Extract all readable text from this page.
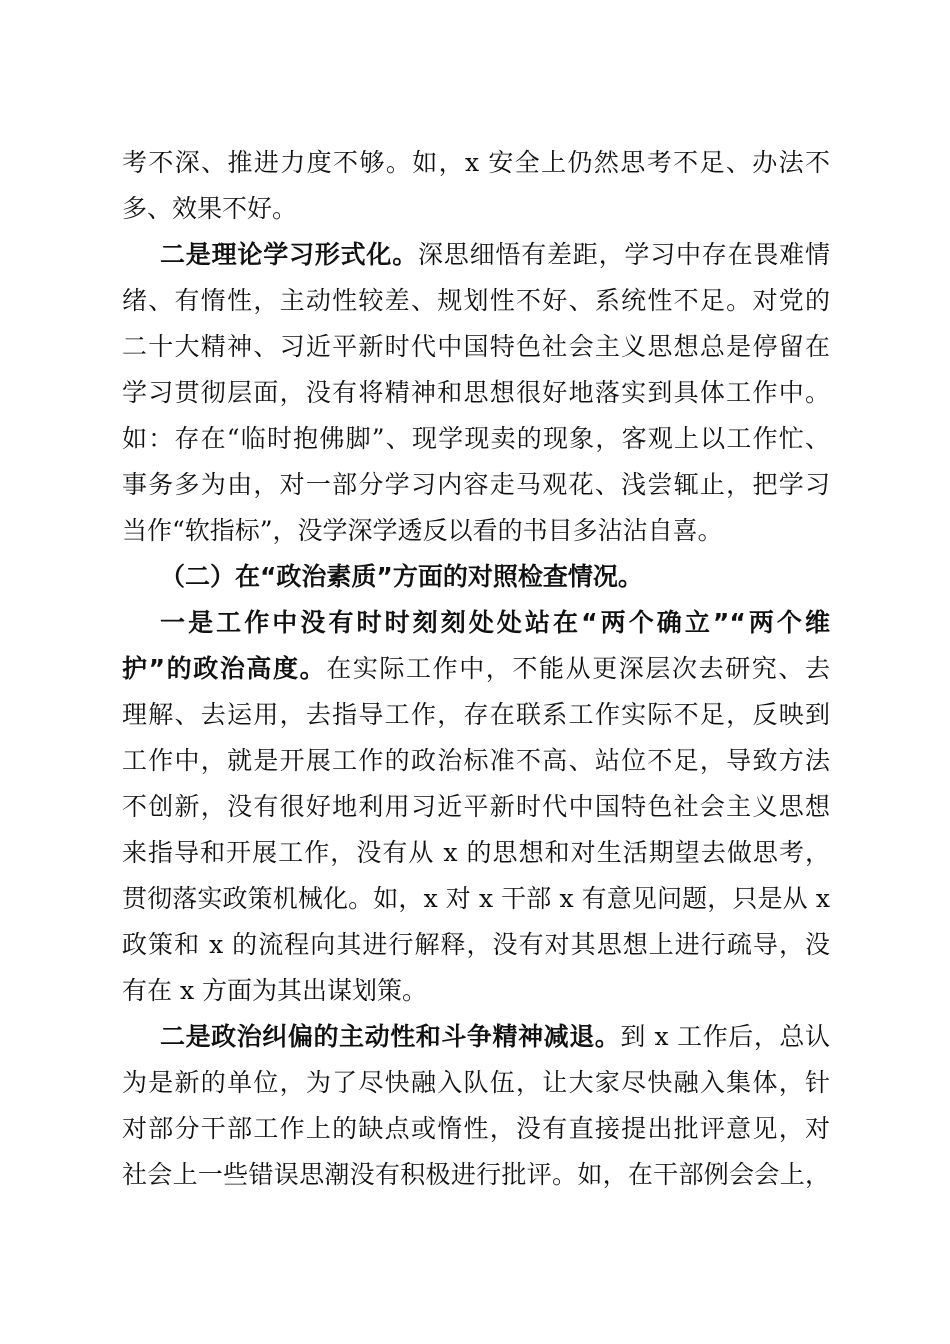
考不深、推进力度不够。如，x 安全上仍然思考不足、办法不
多、效果不好。
二是理论学习形式化。深思细悟有差距，学习中存在畏难情
绪、有惰性，主动性较差、规划性不好、系统性不足。对党的
二十大精神、习近平新时代中国特色社会主义思想总是停留在
学习贯彻层面，没有将精神和思想很好地落实到具体工作中。
如：存在“临时抱佛脚”、现学现卖的现象，客观上以工作忙、
事务多为由，对一部分学习内容走马观花、浅尝辄止，把学习
当作“软指标”，没学深学透反以看的书目多沾沾自喜。
（二）在“政治素质”方面的对照检查情况。
一是工作中没有时时刻刻处处站在“两个确立”“两个维
护”的政治高度。在实际工作中，不能从更深层次去研究、去
理解、去运用，去指导工作，存在联系工作实际不足，反映到
工作中，就是开展工作的政治标准不高、站位不足，导致方法
不创新，没有很好地利用习近平新时代中国特色社会主义思想
来指导和开展工作，没有从 x 的思想和对生活期望去做思考，
贯彻落实政策机械化。如，x 对 x 干部 x 有意见问题，只是从 x
政策和 x 的流程向其进行解释，没有对其思想上进行疏导，没
有在 x 方面为其出谋划策。
二是政治纠偏的主动性和斗争精神减退。到 x 工作后，总认
为是新的单位，为了尽快融入队伍，让大家尽快融入集体，针
对部分干部工作上的缺点或惰性，没有直接提出批评意见，对
社会上一些错误思潮没有积极进行批评。如，在干部例会会上，
